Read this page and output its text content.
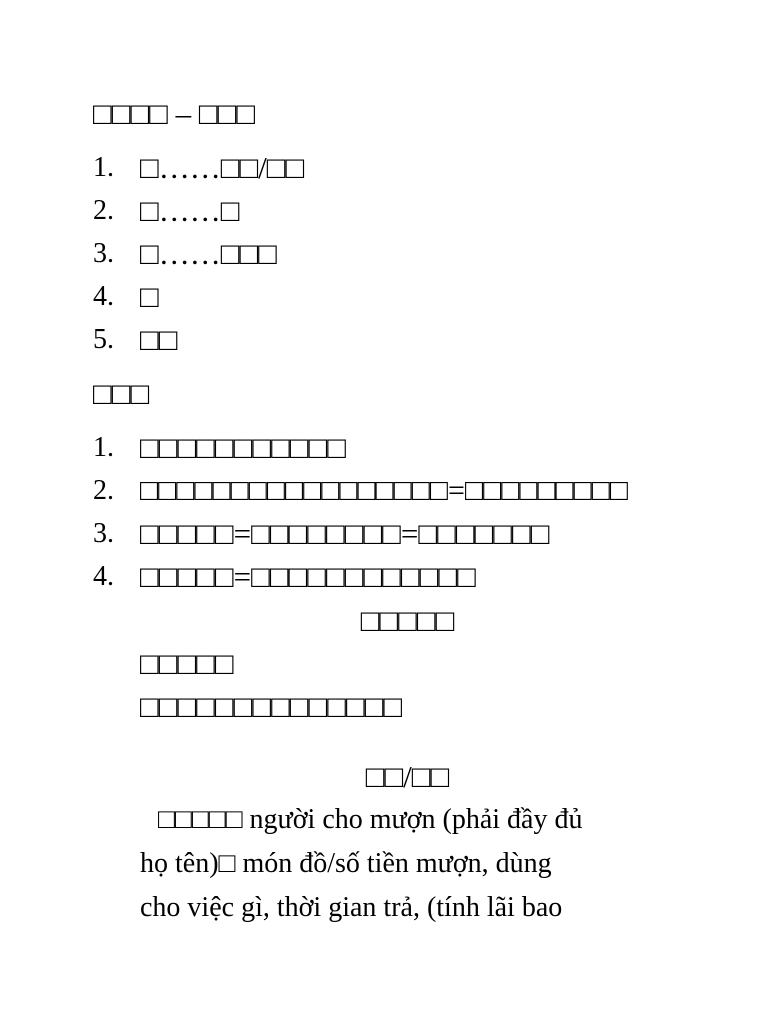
□□□□ – □□□
1. □……□□/□□
2. □……□
3. □……□□□
4. □
5. □□
□□□
1. □□□□□□□□□□□
2. □□□□□□□□□□□□□□□□□=□□□□□□□□□
3. □□□□□=□□□□□□□□=□□□□□□□
4. □□□□□=□□□□□□□□□□□□
□□□□□
□□□□□
□□□□□□□□□□□□□□
□□/□□
□□□□□ người cho mượn (phải đầy đủ
họ tên)□ món đồ/số tiền mượn, dùng
cho việc gì, thời gian trả, (tính lãi bao
